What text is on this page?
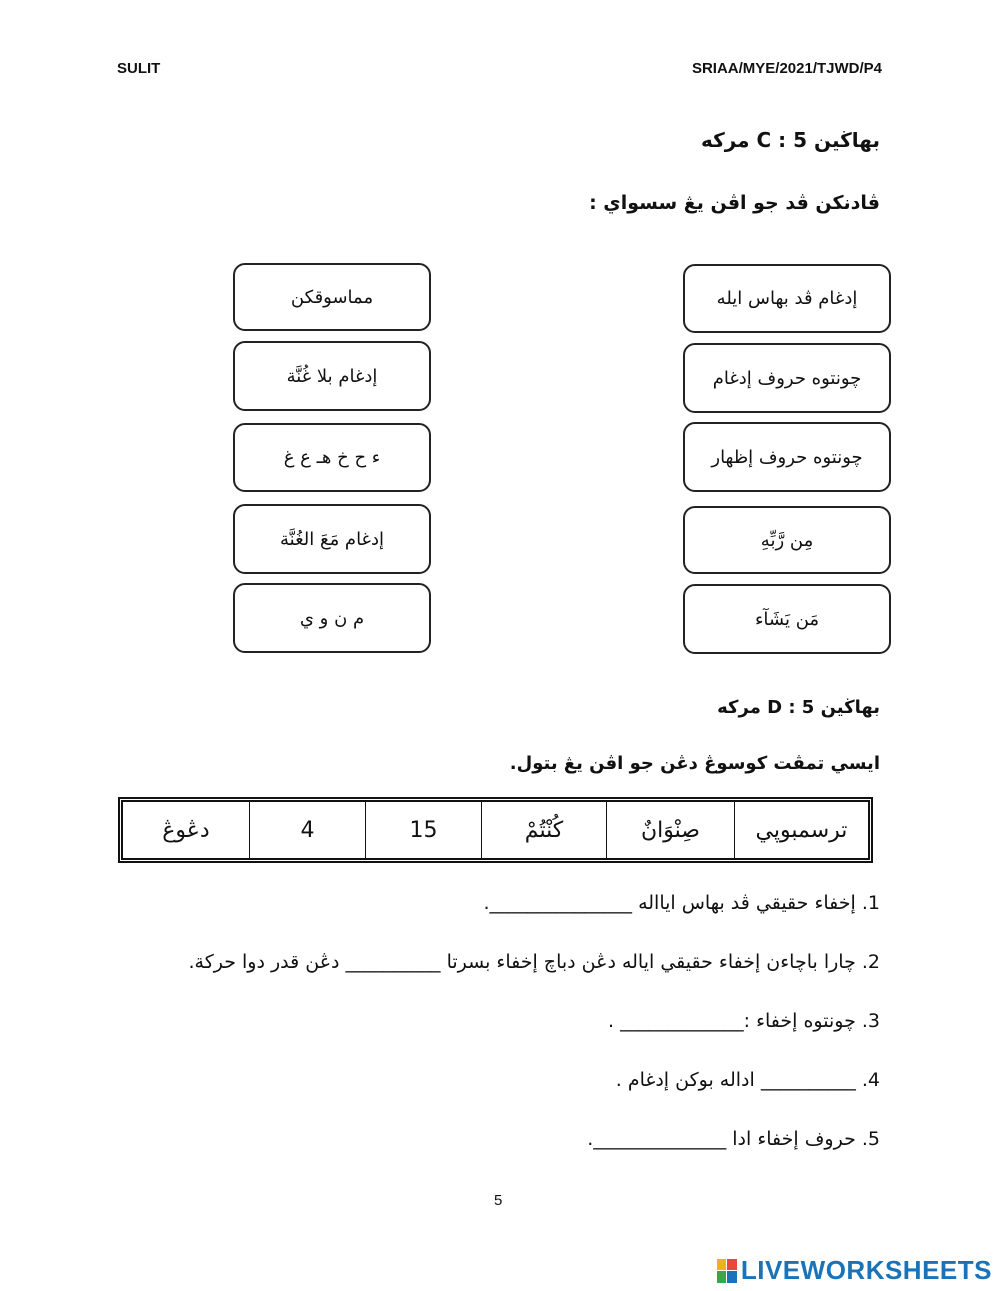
SULIT	SRIAA/MYE/2021/TJWD/P4
بهاڬين C : 5 مركه
ڤادنكن ڤد جو اڤن يڠ سسواي :
مماسوقكن
إدغام بلا غُنَّة
ء ح خ هـ ع غ
إدغام مَعَ الغُنَّة
م ن و ي
إدغام ڤد بهاس ايله
چونتوه حروف إدغام
چونتوه حروف إظهار
مِن رَّبِّهِ
مَن يَشَآء
بهاڬين D : 5 مركه
ايسي تمڤت كوسوڠ دڠن جو اڤن يڠ بتول.
ترسمبوڽي
صِنْوَانٌ
كُنْتُمْ
15
4
دڠوڠ
1. إخفاء حقيقي ڤد بهاس ايااله _______________.
2. چارا باچاءن إخفاء حقيقي اياله دڠن دباچ إخفاء بسرتا __________ دڠن قدر دوا حركة.
3. چونتوه إخفاء :_____________ .
4. __________ اداله بوكن إدغام .
5. حروف إخفاء ادا ______________.
5
LIVEWORKSHEETS
